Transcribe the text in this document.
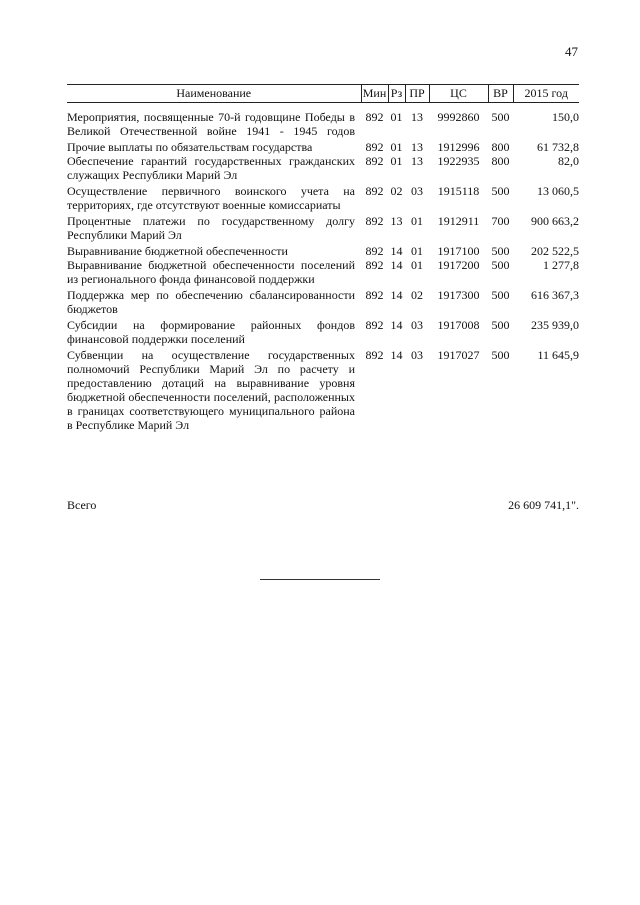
47
Наименование	Мин	Рз	ПР	ЦС	ВР	2015 год
Мероприятия, посвященные 70-й годовщине Победы в Великой Отечественной войне 1941 - 1945 годов	892	01	13	9992860	500	150,0
Прочие выплаты по обязательствам государства	892	01	13	1912996	800	61 732,8
Обеспечение гарантий государственных гражданских служащих Республики Марий Эл	892	01	13	1922935	800	82,0
Осуществление первичного воинского учета на территориях, где отсутствуют военные комиссариаты	892	02	03	1915118	500	13 060,5
Процентные платежи по государственному долгу Республики Марий Эл	892	13	01	1912911	700	900 663,2
Выравнивание бюджетной обеспеченности	892	14	01	1917100	500	202 522,5
Выравнивание бюджетной обеспеченности поселений из регионального фонда финансовой поддержки	892	14	01	1917200	500	1 277,8
Поддержка мер по обеспечению сбалансированности бюджетов	892	14	02	1917300	500	616 367,3
Субсидии на формирование районных фондов финансовой поддержки поселений	892	14	03	1917008	500	235 939,0
Субвенции на осуществление государственных полномочий Республики Марий Эл по расчету и предоставлению дотаций на выравнивание уровня бюджетной обеспеченности поселений, расположенных в границах соответствующего муниципального района в Республике Марий Эл	892	14	03	1917027	500	11 645,9
Всего	26 609 741,1".
